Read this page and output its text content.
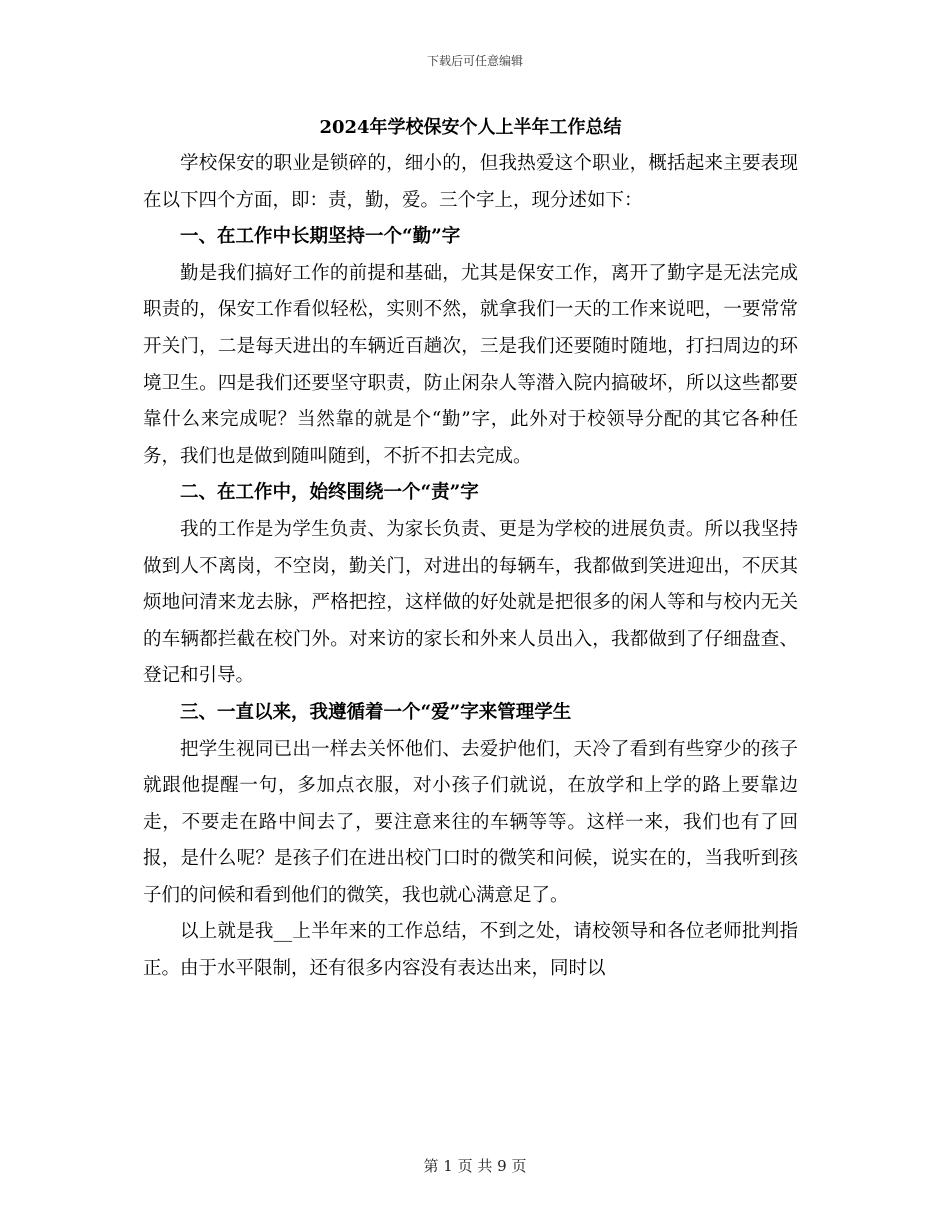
下载后可任意编辑

2024年学校保安个人上半年工作总结

学校保安的职业是锁碎的，细小的，但我热爱这个职业，概括起来主要表现在以下四个方面，即：责，勤，爱。三个字上，现分述如下：

一、在工作中长期坚持一个“勤”字

勤是我们搞好工作的前提和基础，尤其是保安工作，离开了勤字是无法完成职责的，保安工作看似轻松，实则不然，就拿我们一天的工作来说吧，一要常常开关门，二是每天进出的车辆近百趟次，三是我们还要随时随地，打扫周边的环境卫生。四是我们还要坚守职责，防止闲杂人等潜入院内搞破坏，所以这些都要靠什么来完成呢？当然靠的就是个“勤”字，此外对于校领导分配的其它各种任务，我们也是做到随叫随到，不折不扣去完成。

二、在工作中，始终围绕一个“责”字

我的工作是为学生负责、为家长负责、更是为学校的进展负责。所以我坚持做到人不离岗，不空岗，勤关门，对进出的每辆车，我都做到笑进迎出，不厌其烦地问清来龙去脉，严格把控，这样做的好处就是把很多的闲人等和与校内无关的车辆都拦截在校门外。对来访的家长和外来人员出入，我都做到了仔细盘查、登记和引导。

三、一直以来，我遵循着一个“爱”字来管理学生

把学生视同已出一样去关怀他们、去爱护他们，天冷了看到有些穿少的孩子就跟他提醒一句，多加点衣服，对小孩子们就说，在放学和上学的路上要靠边走，不要走在路中间去了，要注意来往的车辆等等。这样一来，我们也有了回报，是什么呢？是孩子们在进出校门口时的微笑和问候，说实在的，当我听到孩子们的问候和看到他们的微笑，我也就心满意足了。

以上就是我__上半年来的工作总结，不到之处，请校领导和各位老师批判指正。由于水平限制，还有很多内容没有表达出来，同时以

第 1 页 共 9 页
